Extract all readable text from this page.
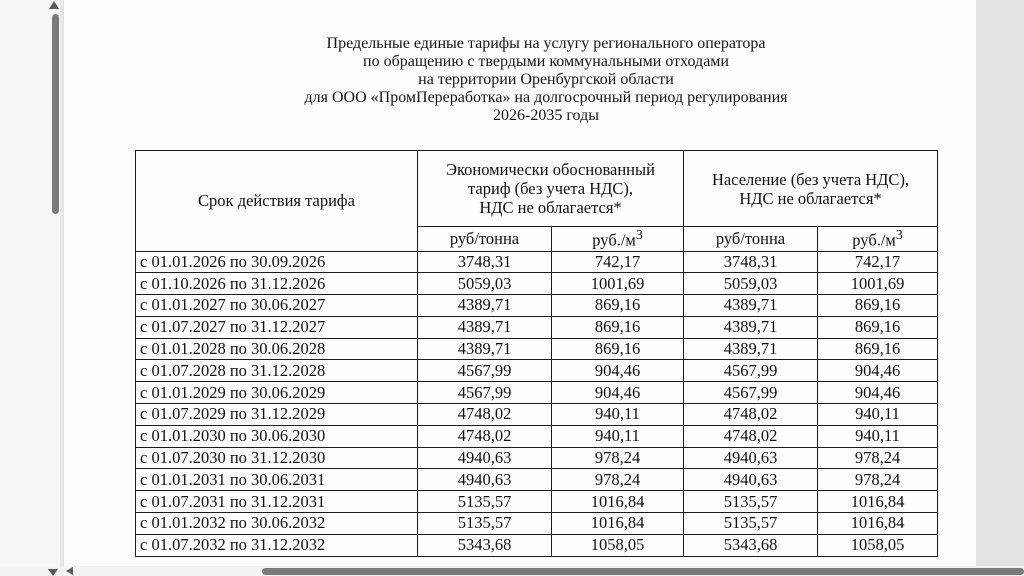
Предельные единые тарифы на услугу регионального оператора
по обращению с твердыми коммунальными отходами
на территории Оренбургской области
для ООО «ПромПереработка» на долгосрочный период регулирования
2026-2035 годы
Срок действия тарифа	Экономически обоснованный
тариф (без учета НДС),
НДС не облагается*		Население (без учета НДС),
НДС не облагается*	
	руб/тонна	$руб./м^3$	руб/тонна	$руб./м^3$
с 01.01.2026 по 30.09.2026	3748,31	742,17	3748,31	742,17
с 01.10.2026 по 31.12.2026	5059,03	1001,69	5059,03	1001,69
с 01.01.2027 по 30.06.2027	4389,71	869,16	4389,71	869,16
с 01.07.2027 по 31.12.2027	4389,71	869,16	4389,71	869,16
с 01.01.2028 по 30.06.2028	4389,71	869,16	4389,71	869,16
с 01.07.2028 по 31.12.2028	4567,99	904,46	4567,99	904,46
с 01.01.2029 по 30.06.2029	4567,99	904,46	4567,99	904,46
с 01.07.2029 по 31.12.2029	4748,02	940,11	4748,02	940,11
с 01.01.2030 по 30.06.2030	4748,02	940,11	4748,02	940,11
с 01.07.2030 по 31.12.2030	4940,63	978,24	4940,63	978,24
с 01.01.2031 по 30.06.2031	4940,63	978,24	4940,63	978,24
с 01.07.2031 по 31.12.2031	5135,57	1016,84	5135,57	1016,84
с 01.01.2032 по 30.06.2032	5135,57	1016,84	5135,57	1016,84
с 01.07.2032 по 31.12.2032	5343,68	1058,05	5343,68	1058,05
